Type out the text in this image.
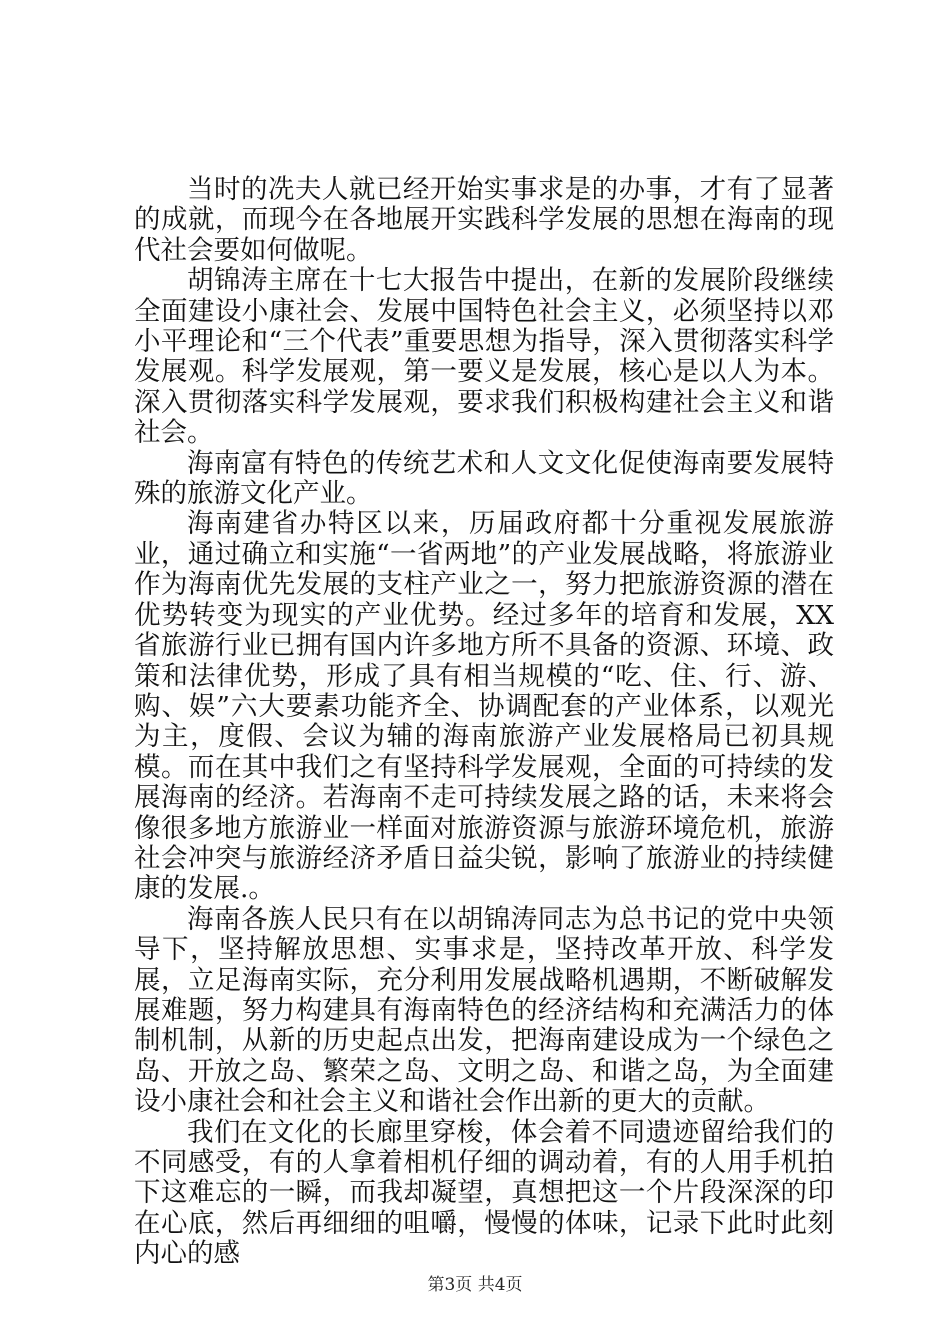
当时的冼夫人就已经开始实事求是的办事，才有了显著的成就，而现今在各地展开实践科学发展的思想在海南的现代社会要如何做呢。

胡锦涛主席在十七大报告中提出，在新的发展阶段继续全面建设小康社会、发展中国特色社会主义，必须坚持以邓小平理论和“三个代表”重要思想为指导，深入贯彻落实科学发展观。科学发展观，第一要义是发展，核心是以人为本。深入贯彻落实科学发展观，要求我们积极构建社会主义和谐社会。

海南富有特色的传统艺术和人文文化促使海南要发展特殊的旅游文化产业。

海南建省办特区以来，历届政府都十分重视发展旅游业，通过确立和实施“一省两地”的产业发展战略，将旅游业作为海南优先发展的支柱产业之一，努力把旅游资源的潜在优势转变为现实的产业优势。经过多年的培育和发展，XX省旅游行业已拥有国内许多地方所不具备的资源、环境、政策和法律优势，形成了具有相当规模的“吃、住、行、游、购、娱”六大要素功能齐全、协调配套的产业体系，以观光为主，度假、会议为辅的海南旅游产业发展格局已初具规模。而在其中我们之有坚持科学发展观，全面的可持续的发展海南的经济。若海南不走可持续发展之路的话，未来将会像很多地方旅游业一样面对旅游资源与旅游环境危机，旅游社会冲突与旅游经济矛盾日益尖锐，影响了旅游业的持续健康的发展.。

海南各族人民只有在以胡锦涛同志为总书记的党中央领导下，坚持解放思想、实事求是，坚持改革开放、科学发展，立足海南实际，充分利用发展战略机遇期，不断破解发展难题，努力构建具有海南特色的经济结构和充满活力的体制机制，从新的历史起点出发，把海南建设成为一个绿色之岛、开放之岛、繁荣之岛、文明之岛、和谐之岛，为全面建设小康社会和社会主义和谐社会作出新的更大的贡献。

我们在文化的长廊里穿梭，体会着不同遗迹留给我们的不同感受，有的人拿着相机仔细的调动着，有的人用手机拍下这难忘的一瞬，而我却凝望，真想把这一个片段深深的印在心底，然后再细细的咀嚼，慢慢的体味，记录下此时此刻内心的感

第3页 共4页
